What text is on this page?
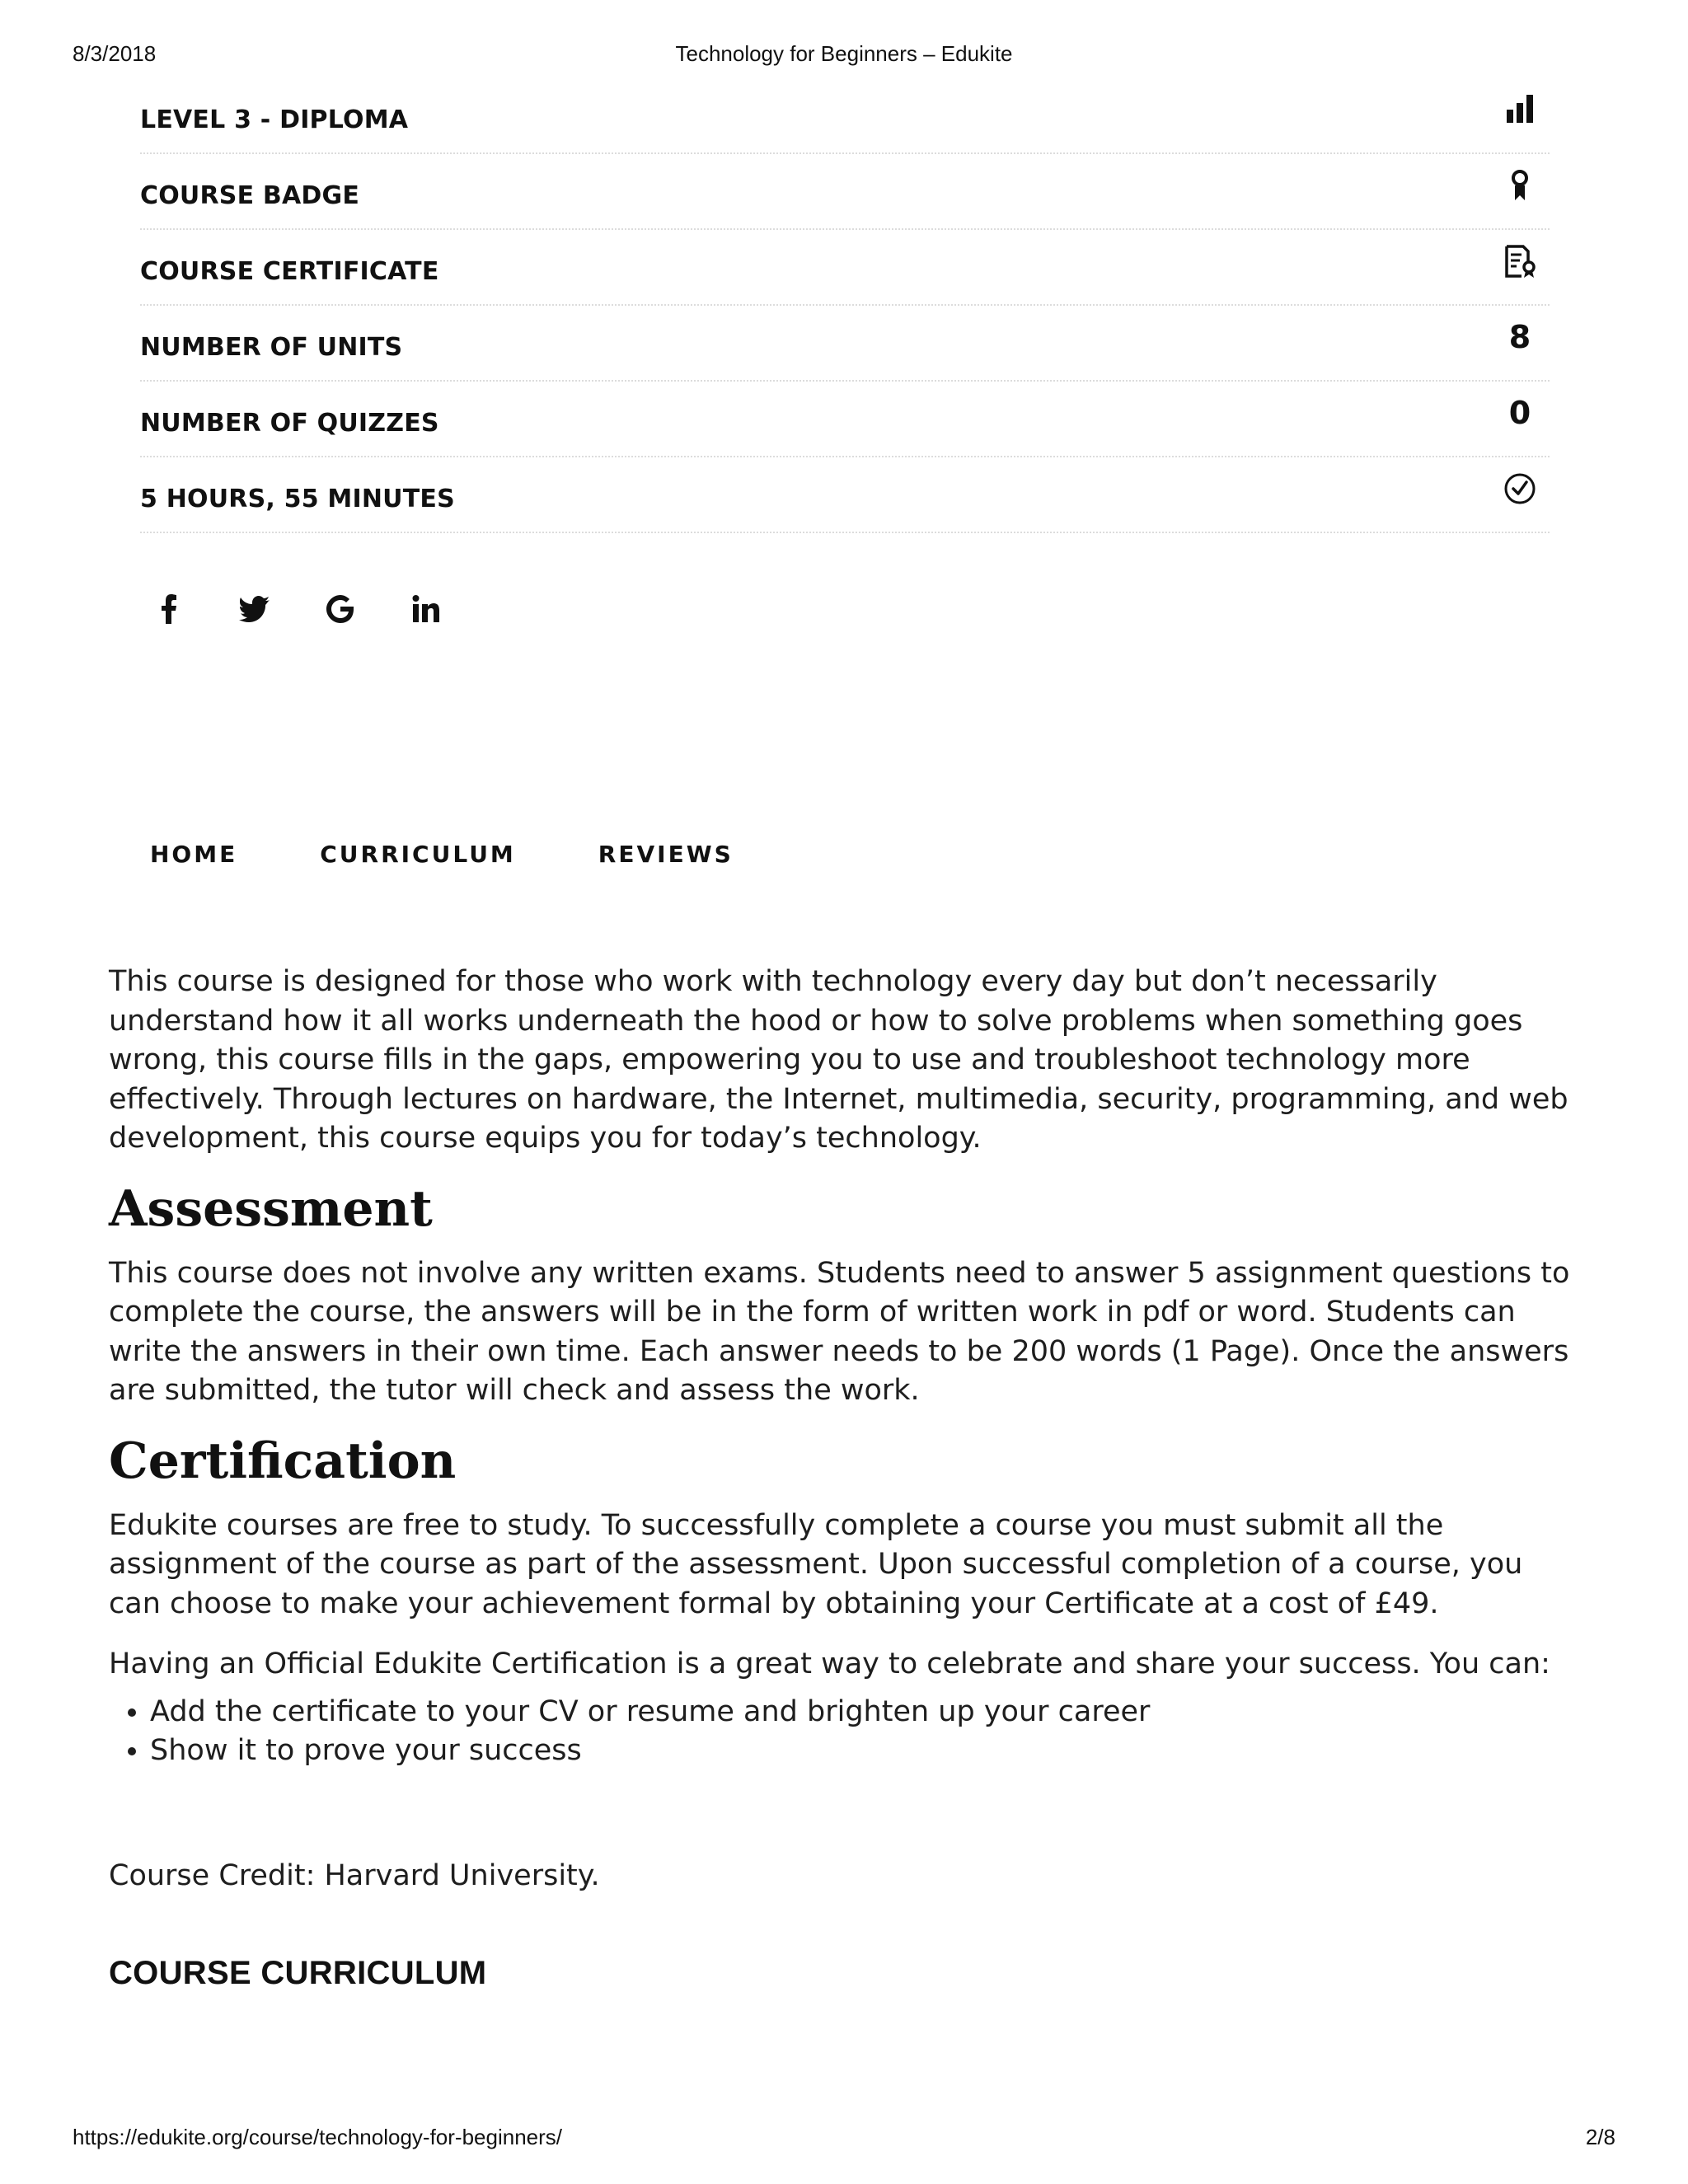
8/3/2018	Technology for Beginners – Edukite
LEVEL 3 - DIPLOMA
COURSE BADGE
COURSE CERTIFICATE
NUMBER OF UNITS	8
NUMBER OF QUIZZES	0
5 HOURS, 55 MINUTES
HOME	CURRICULUM	REVIEWS

This course is designed for those who work with technology every day but don’t necessarily understand how it all works underneath the hood or how to solve problems when something goes wrong, this course fills in the gaps, empowering you to use and troubleshoot technology more effectively. Through lectures on hardware, the Internet, multimedia, security, programming, and web development, this course equips you for today’s technology.

Assessment

This course does not involve any written exams. Students need to answer 5 assignment questions to complete the course, the answers will be in the form of written work in pdf or word. Students can write the answers in their own time. Each answer needs to be 200 words (1 Page). Once the answers are submitted, the tutor will check and assess the work.

Certification

Edukite courses are free to study. To successfully complete a course you must submit all the assignment of the course as part of the assessment. Upon successful completion of a course, you can choose to make your achievement formal by obtaining your Certificate at a cost of £49.

Having an Official Edukite Certification is a great way to celebrate and share your success. You can:

• Add the certificate to your CV or resume and brighten up your career
• Show it to prove your success

Course Credit: Harvard University.

COURSE CURRICULUM
https://edukite.org/course/technology-for-beginners/	2/8
